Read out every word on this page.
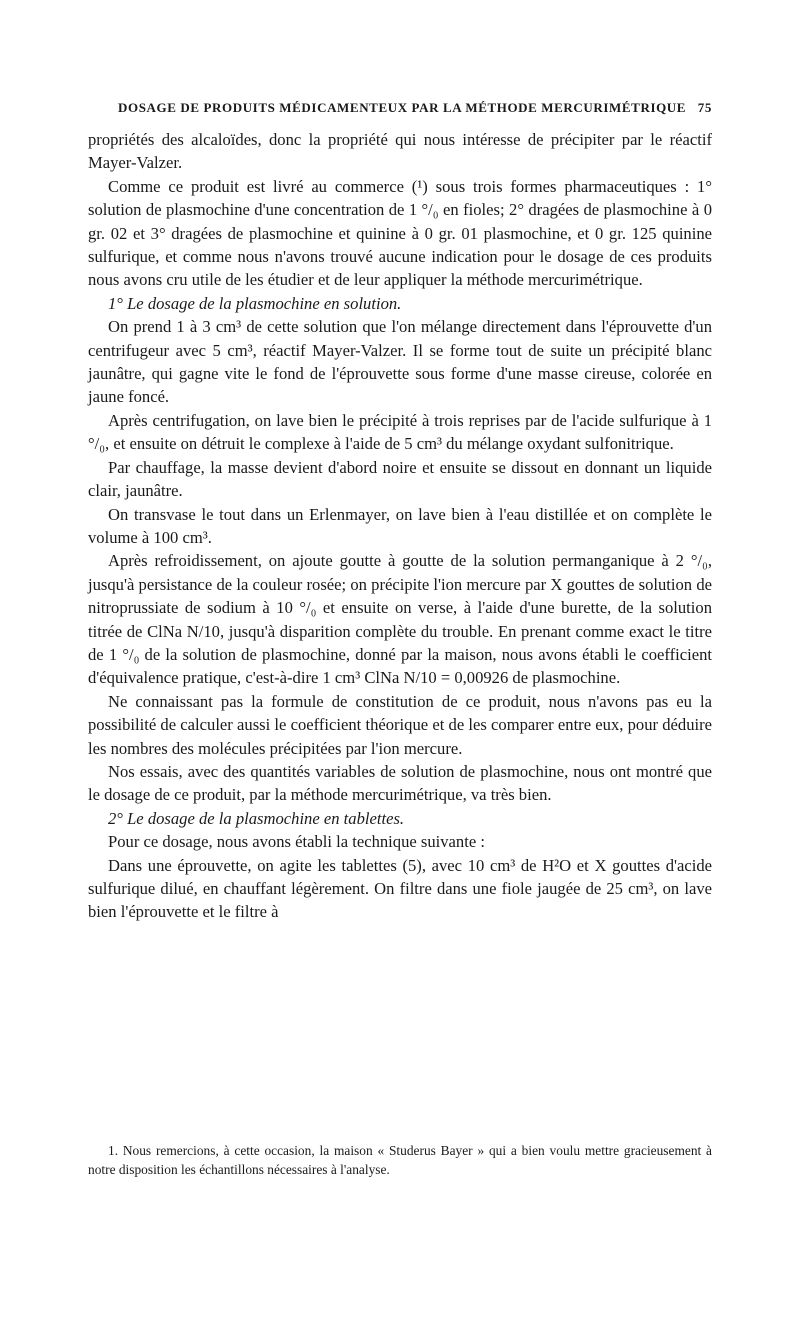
DOSAGE DE PRODUITS MÉDICAMENTEUX PAR LA MÉTHODE MERCURIMÉTRIQUE 75

propriétés des alcaloïdes, donc la propriété qui nous intéresse de précipiter par le réactif Mayer-Valzer.

Comme ce produit est livré au commerce (¹) sous trois formes pharmaceutiques : 1° solution de plasmochine d'une concentration de 1 °/₀ en fioles; 2° dragées de plasmochine à 0 gr. 02 et 3° dragées de plasmochine et quinine à 0 gr. 01 plasmochine, et 0 gr. 125 quinine sulfurique, et comme nous n'avons trouvé aucune indication pour le dosage de ces produits nous avons cru utile de les étudier et de leur appliquer la méthode mercurimétrique.

1° Le dosage de la plasmochine en solution.

On prend 1 à 3 cm³ de cette solution que l'on mélange directement dans l'éprouvette d'un centrifugeur avec 5 cm³, réactif Mayer-Valzer. Il se forme tout de suite un précipité blanc jaunâtre, qui gagne vite le fond de l'éprouvette sous forme d'une masse cireuse, colorée en jaune foncé.

Après centrifugation, on lave bien le précipité à trois reprises par de l'acide sulfurique à 1 °/₀, et ensuite on détruit le complexe à l'aide de 5 cm³ du mélange oxydant sulfonitrique.

Par chauffage, la masse devient d'abord noire et ensuite se dissout en donnant un liquide clair, jaunâtre.

On transvase le tout dans un Erlenmayer, on lave bien à l'eau distillée et on complète le volume à 100 cm³.

Après refroidissement, on ajoute goutte à goutte de la solution permanganique à 2 °/₀, jusqu'à persistance de la couleur rosée; on précipite l'ion mercure par X gouttes de solution de nitroprussiate de sodium à 10 °/₀ et ensuite on verse, à l'aide d'une burette, de la solution titrée de ClNa N/10, jusqu'à disparition complète du trouble. En prenant comme exact le titre de 1 °/₀ de la solution de plasmochine, donné par la maison, nous avons établi le coefficient d'équivalence pratique, c'est-à-dire 1 cm³ ClNa N/10 = 0,00926 de plasmochine.

Ne connaissant pas la formule de constitution de ce produit, nous n'avons pas eu la possibilité de calculer aussi le coefficient théorique et de les comparer entre eux, pour déduire les nombres des molécules précipitées par l'ion mercure.

Nos essais, avec des quantités variables de solution de plasmochine, nous ont montré que le dosage de ce produit, par la méthode mercurimétrique, va très bien.

2° Le dosage de la plasmochine en tablettes.

Pour ce dosage, nous avons établi la technique suivante :

Dans une éprouvette, on agite les tablettes (5), avec 10 cm³ de H²O et X gouttes d'acide sulfurique dilué, en chauffant légèrement. On filtre dans une fiole jaugée de 25 cm³, on lave bien l'éprouvette et le filtre à

1. Nous remercions, à cette occasion, la maison « Studerus Bayer » qui a bien voulu mettre gracieusement à notre disposition les échantillons nécessaires à l'analyse.
